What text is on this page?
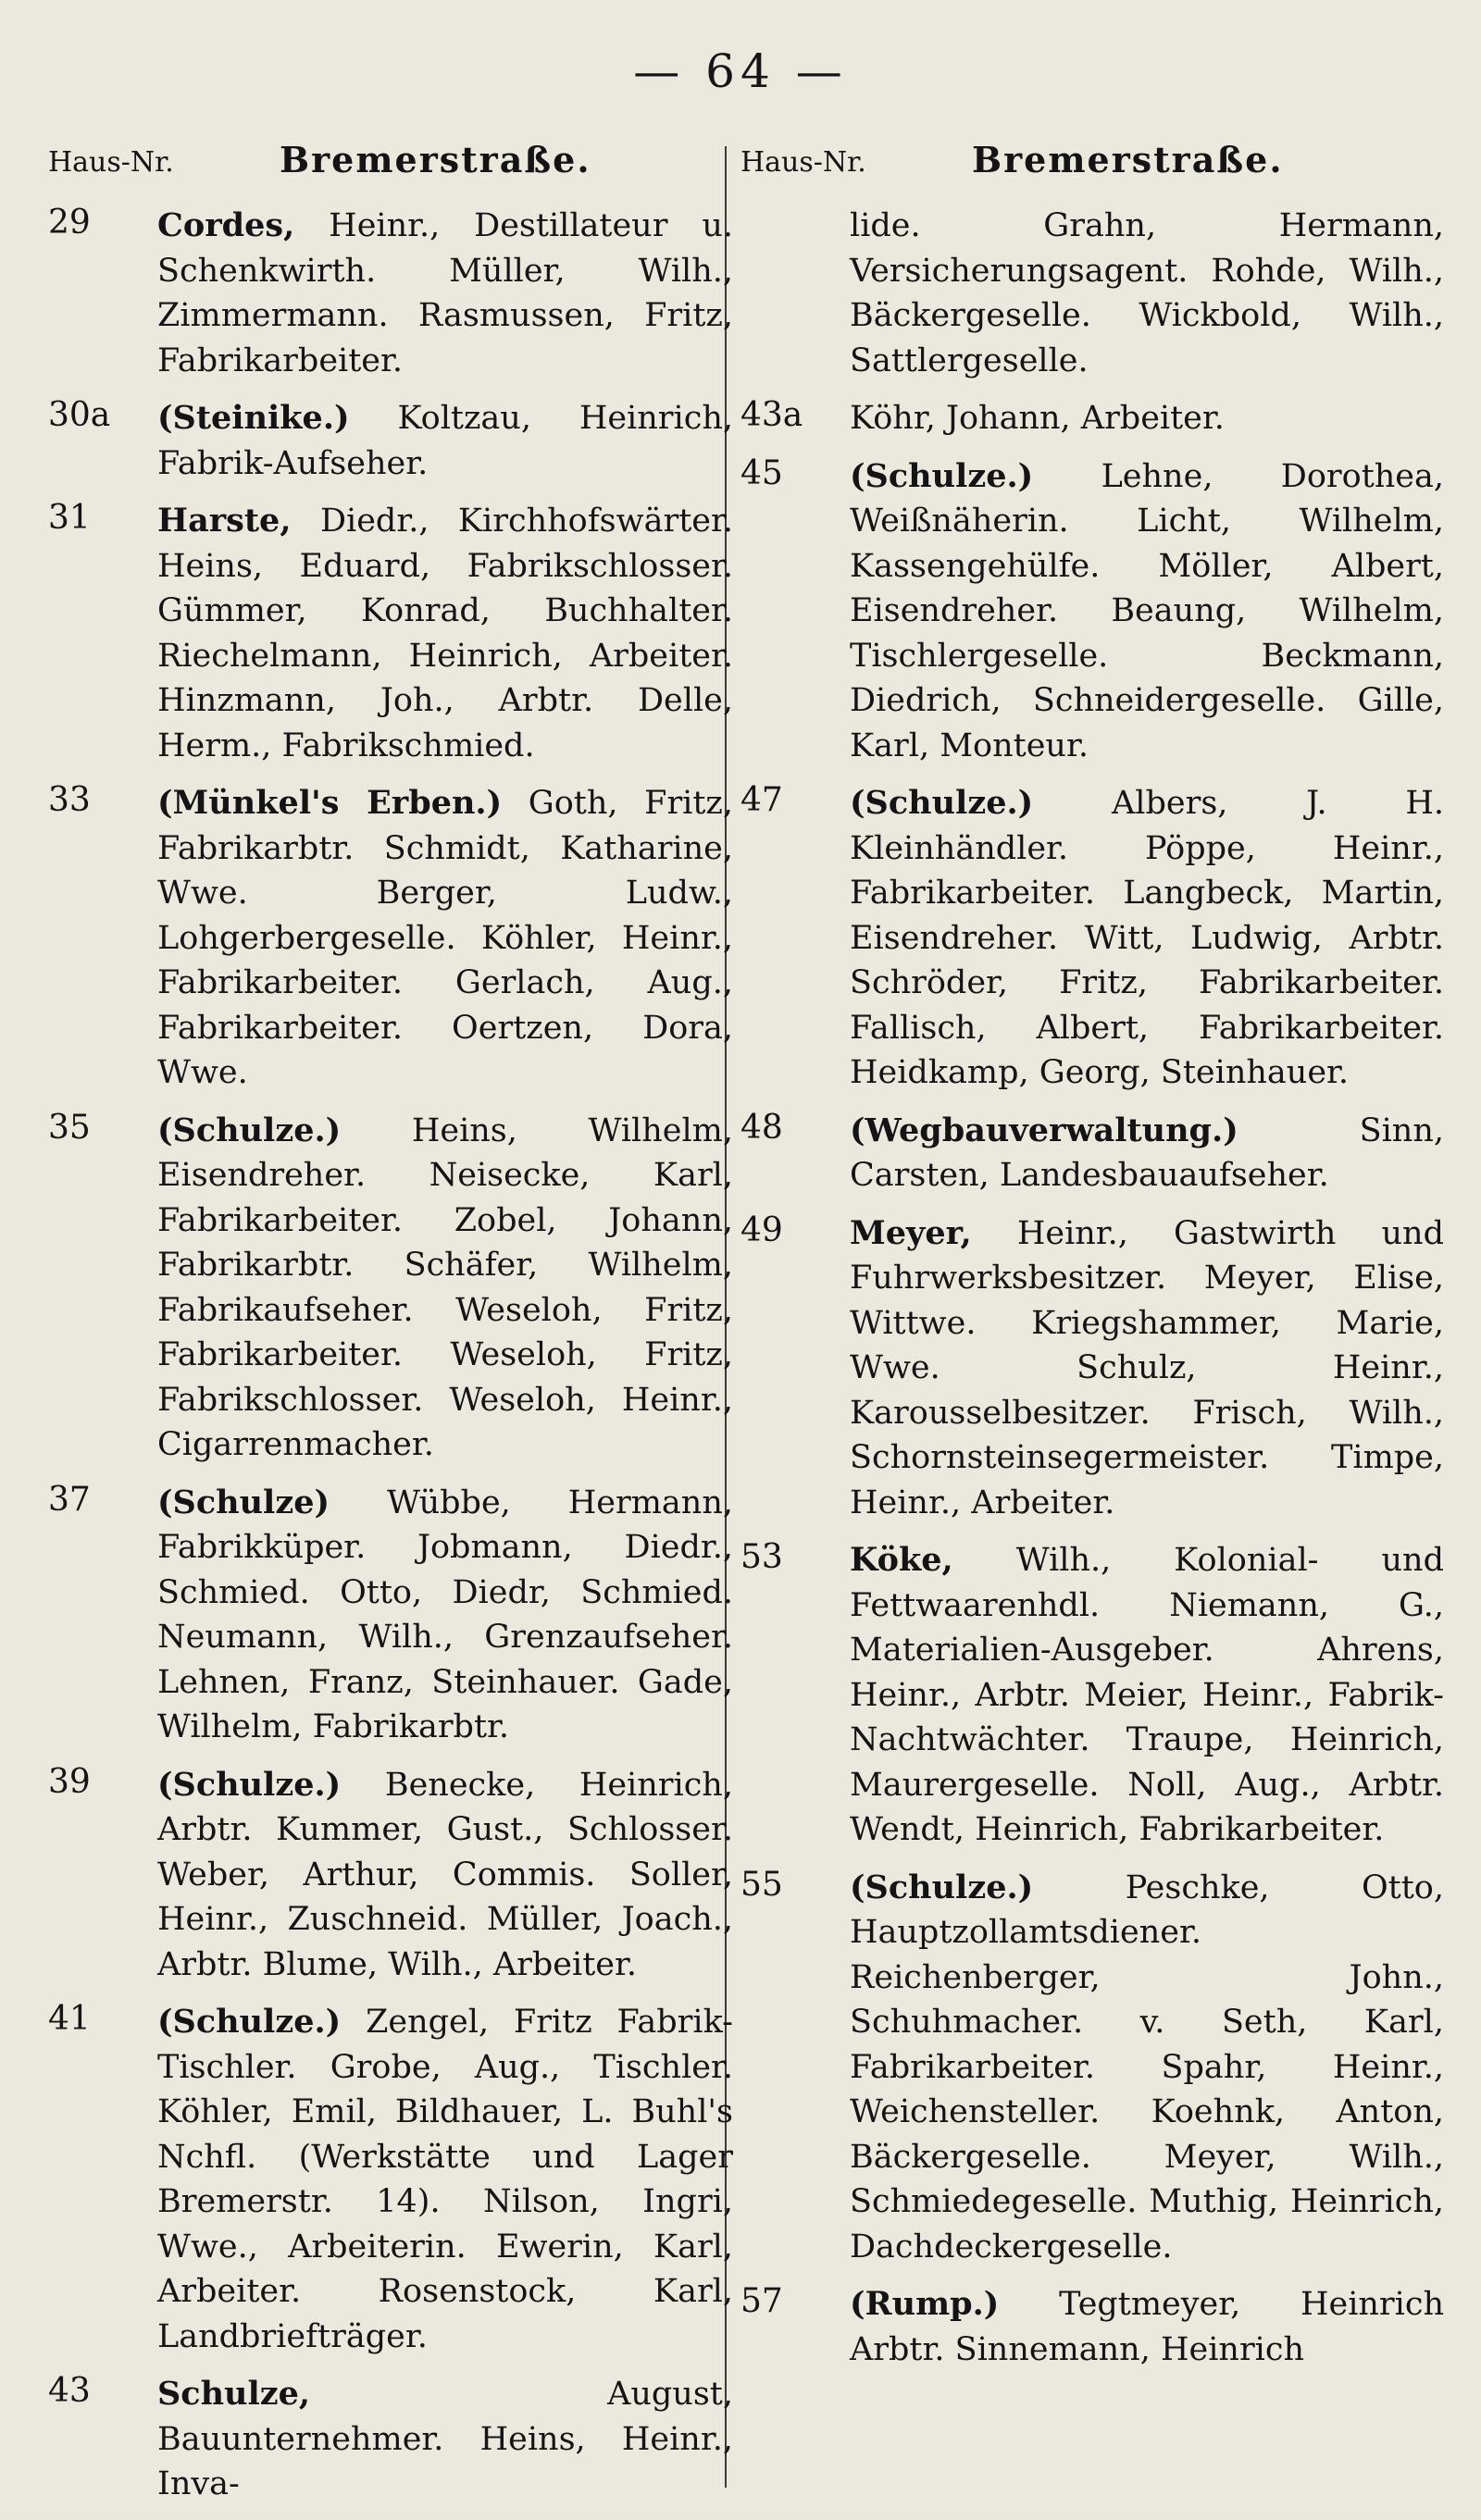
— 64 —
Haus-Nr.	Bremerstraße.
29	Cordes, Heinr., Destillateur u. Schenkwirth. Müller, Wilh., Zimmermann. Rasmussen, Fritz, Fabrikarbeiter.
30a	(Steinike.) Koltzau, Heinrich, Fabrik-Aufseher.
31	Harste, Diedr., Kirchhofswärter. Heins, Eduard, Fabrikschlosser. Gümmer, Konrad, Buchhalter. Riechelmann, Heinrich, Arbeiter. Hinzmann, Joh., Arbtr. Delle, Herm., Fabrikschmied.
33	(Münkel's Erben.) Goth, Fritz, Fabrikarbtr. Schmidt, Katharine, Wwe. Berger, Ludw., Lohgerbergeselle. Köhler, Heinr., Fabrikarbeiter. Gerlach, Aug., Fabrikarbeiter. Oertzen, Dora, Wwe.
35	(Schulze.) Heins, Wilhelm, Eisendreher. Neisecke, Karl, Fabrikarbeiter. Zobel, Johann, Fabrikarbtr. Schäfer, Wilhelm, Fabrikaufseher. Weseloh, Fritz, Fabrikarbeiter. Weseloh, Fritz, Fabrikschlosser. Weseloh, Heinr., Cigarrenmacher.
37	(Schulze) Wübbe, Hermann, Fabrikküper. Jobmann, Diedr., Schmied. Otto, Diedr, Schmied. Neumann, Wilh., Grenzaufseher. Lehnen, Franz, Steinhauer. Gade, Wilhelm, Fabrikarbtr.
39	(Schulze.) Benecke, Heinrich, Arbtr. Kummer, Gust., Schlosser. Weber, Arthur, Commis. Soller, Heinr., Zuschneid. Müller, Joach., Arbtr. Blume, Wilh., Arbeiter.
41	(Schulze.) Zengel, Fritz Fabrik-Tischler. Grobe, Aug., Tischler. Köhler, Emil, Bildhauer, L. Buhl's Nchfl. (Werkstätte und Lager Bremerstr. 14). Nilson, Ingri, Wwe., Arbeiterin. Ewerin, Karl, Arbeiter. Rosenstock, Karl, Landbriefträger.
43	Schulze,	August, Bauunternehmer. Heins, Heinr., Inva-
Haus-Nr.	Bremerstraße.
lide. Grahn, Hermann, Versicherungsagent. Rohde, Wilh., Bäckergeselle. Wickbold, Wilh., Sattlergeselle.
43a	Köhr, Johann, Arbeiter.
45	(Schulze.) Lehne, Dorothea, Weißnäherin. Licht, Wilhelm, Kassengehülfe. Möller, Albert, Eisendreher. Beaung, Wilhelm, Tischlergeselle. Beckmann, Diedrich, Schneidergeselle. Gille, Karl, Monteur.
47	(Schulze.) Albers, J. H. Kleinhändler. Pöppe, Heinr., Fabrikarbeiter. Langbeck, Martin, Eisendreher. Witt, Ludwig, Arbtr. Schröder, Fritz, Fabrikarbeiter. Fallisch, Albert, Fabrikarbeiter. Heidkamp, Georg, Steinhauer.
48	(Wegbauverwaltung.)	Sinn, Carsten, Landesbauaufseher.
49	Meyer, Heinr., Gastwirth und Fuhrwerksbesitzer. Meyer, Elise, Wittwe. Kriegshammer, Marie, Wwe. Schulz, Heinr., Karousselbesitzer. Frisch, Wilh., Schornsteinsegermeister. Timpe, Heinr., Arbeiter.
53	Köke, Wilh., Kolonial- und Fettwaarenhdl. Niemann, G., Materialien-Ausgeber. Ahrens, Heinr., Arbtr. Meier, Heinr., Fabrik-Nachtwächter. Traupe, Heinrich, Maurergeselle. Noll, Aug., Arbtr. Wendt, Heinrich, Fabrikarbeiter.
55	(Schulze.)	Peschke, Otto, Hauptzollamtsdiener. Reichenberger, John., Schuhmacher. v. Seth, Karl, Fabrikarbeiter. Spahr, Heinr., Weichensteller. Koehnk, Anton, Bäckergeselle. Meyer, Wilh., Schmiedegeselle. Muthig, Heinrich, Dachdeckergeselle.
57	(Rump.) Tegtmeyer, Heinrich Arbtr. Sinnemann, Heinrich
